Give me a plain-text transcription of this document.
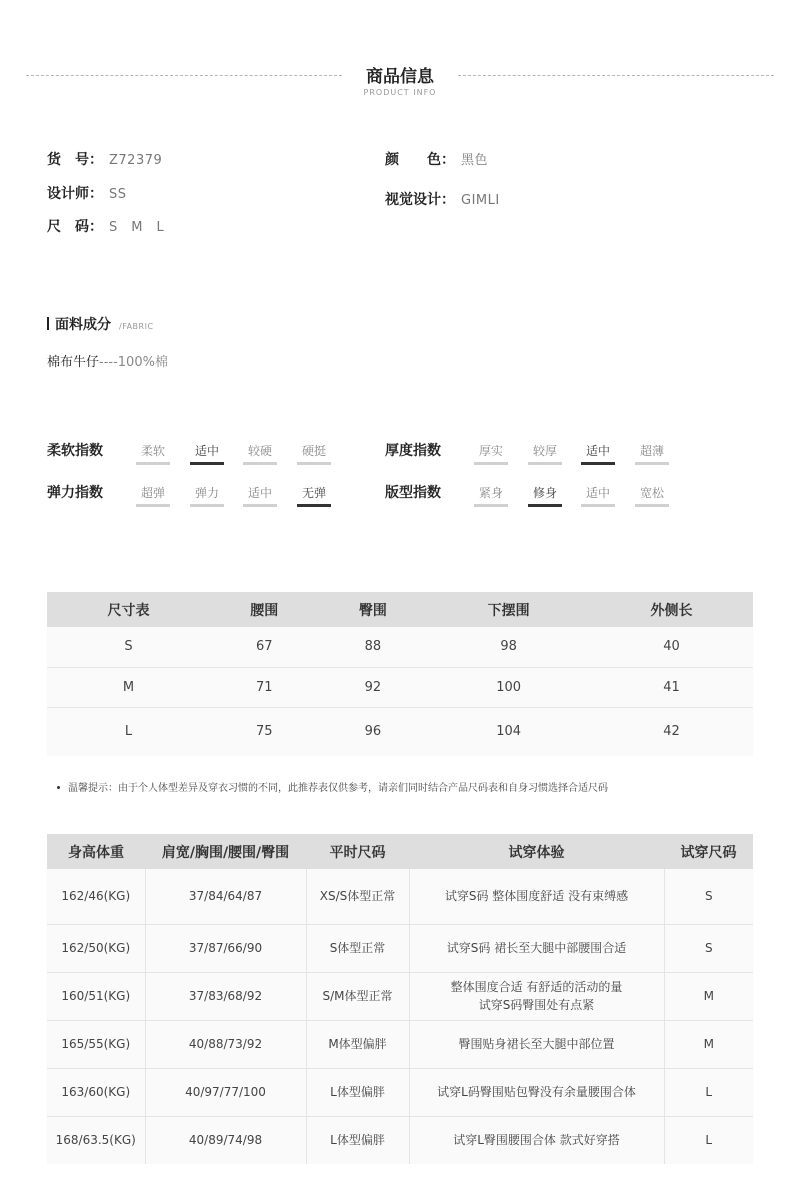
商品信息
PRODUCT INFO
货　号： Z72379
设计师： SS
尺　码： S　M　L
颜　　色： 黑色
视觉设计： GIMLI
面料成分 /FABRIC
棉布牛仔----100%棉
柔软指数	柔软	适中	较硬	硬挺	厚度指数	厚实	较厚	适中	超薄
弹力指数	超弹	弹力	适中	无弹	版型指数	紧身	修身	适中	宽松
尺寸表	腰围	臀围	下摆围	外侧长
S	67	88	98	40
M	71	92	100	41
L	75	96	104	42
温馨提示：由于个人体型差异及穿衣习惯的不同，此推荐表仅供参考，请亲们同时结合产品尺码表和自身习惯选择合适尺码
身高体重	肩宽/胸围/腰围/臀围	平时尺码	试穿体验	试穿尺码
162/46(KG)	37/84/64/87	XS/S体型正常	试穿S码 整体围度舒适 没有束缚感	S
162/50(KG)	37/87/66/90	S体型正常	试穿S码 裙长至大腿中部腰围合适	S
160/51(KG)	37/83/68/92	S/M体型正常	整体围度合适 有舒适的活动的量
试穿S码臀围处有点紧	M
165/55(KG)	40/88/73/92	M体型偏胖	臀围贴身裙长至大腿中部位置	M
163/60(KG)	40/97/77/100	L体型偏胖	试穿L码臀围贴包臀没有余量腰围合体	L
168/63.5(KG)	40/89/74/98	L体型偏胖	试穿L臀围腰围合体 款式好穿搭	L
